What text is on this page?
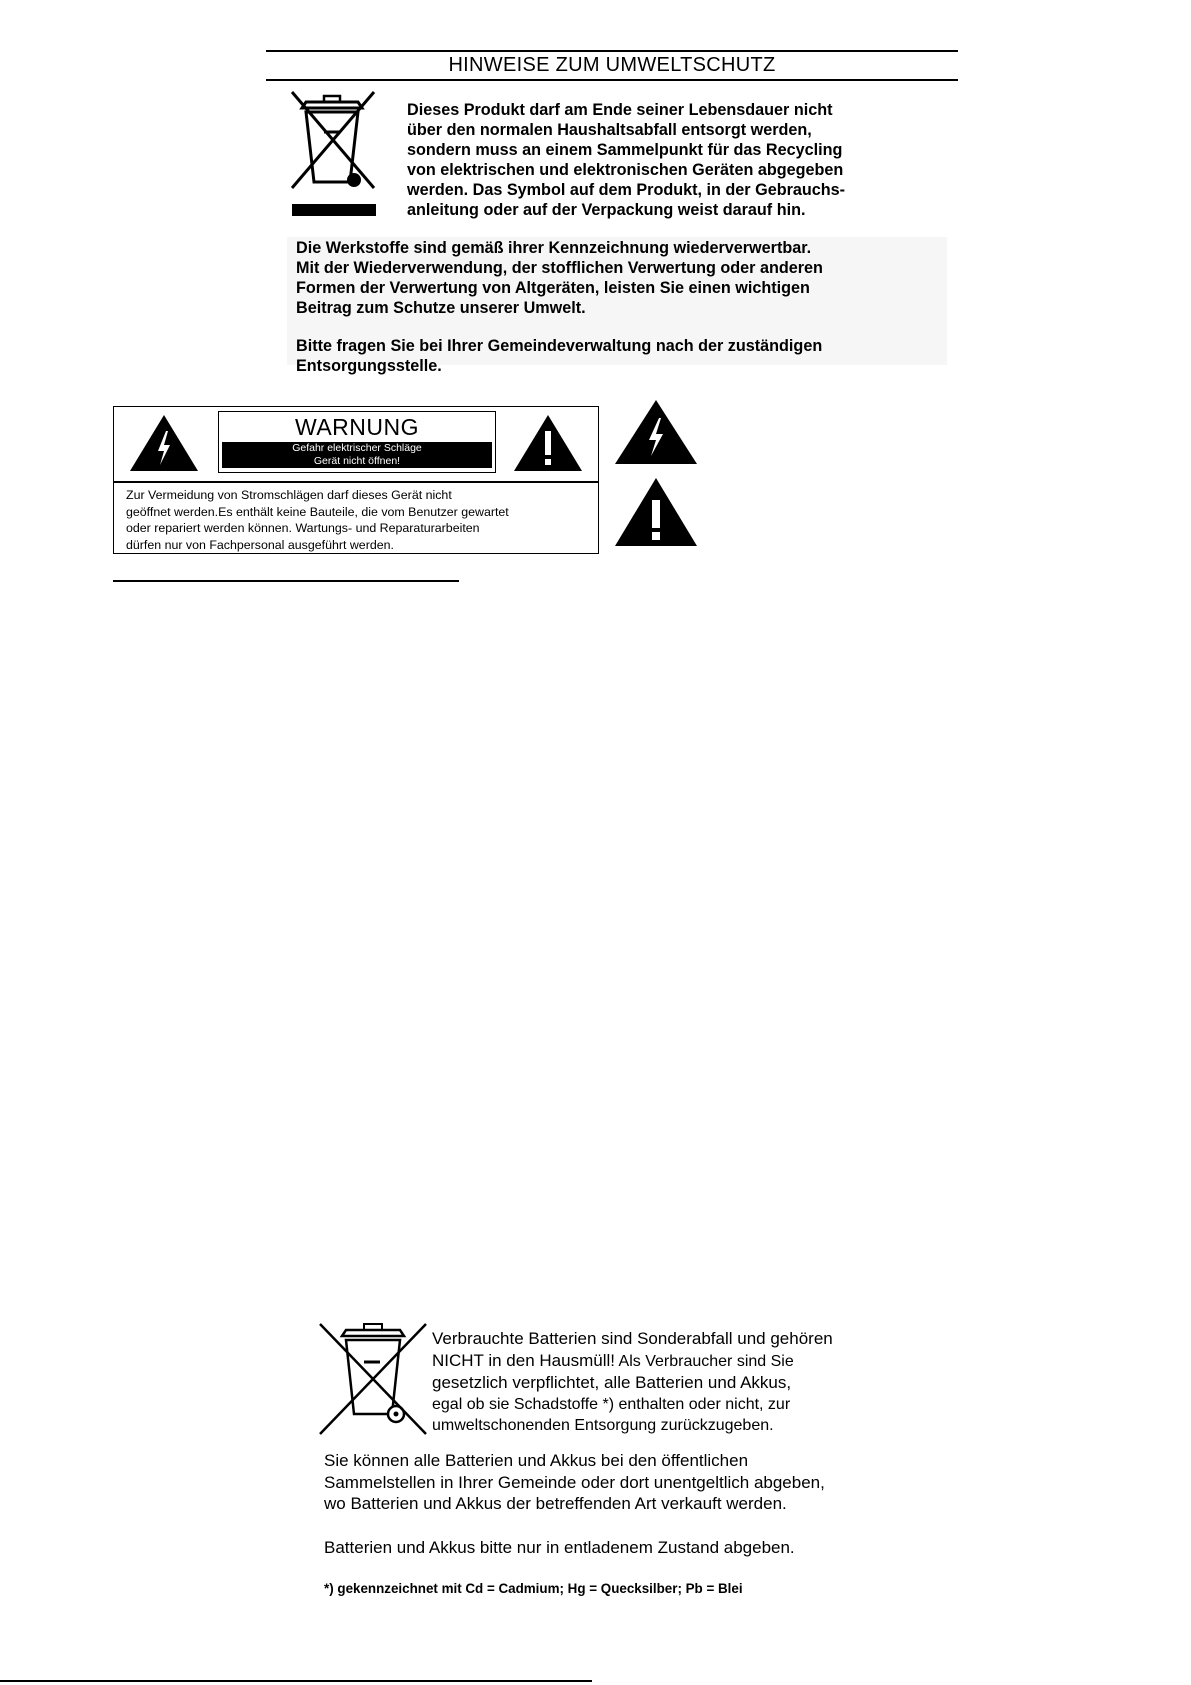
HINWEISE ZUM UMWELTSCHUTZ
Dieses Produkt darf am Ende seiner Lebensdauer nicht
über den normalen Haushaltsabfall entsorgt werden,
sondern muss an einem Sammelpunkt für das Recycling
von elektrischen und elektronischen Geräten abgegeben
werden. Das Symbol auf dem Produkt, in der Gebrauchs-
anleitung oder auf der Verpackung weist darauf hin.
Die Werkstoffe sind gemäß ihrer Kennzeichnung wiederverwertbar.
Mit der Wiederverwendung, der stofflichen Verwertung oder anderen
Formen der Verwertung von Altgeräten, leisten Sie einen wichtigen
Beitrag zum Schutze unserer Umwelt.
Bitte fragen Sie bei Ihrer Gemeindeverwaltung nach der zuständigen
Entsorgungsstelle.
WARNUNG
Gefahr elektrischer Schläge
Gerät nicht öffnen!
Zur Vermeidung von Stromschlägen darf dieses Gerät nicht
geöffnet werden.Es enthält keine Bauteile, die vom Benutzer gewartet
oder repariert werden können. Wartungs- und Reparaturarbeiten
dürfen nur von Fachpersonal ausgeführt werden.
Verbrauchte Batterien sind Sonderabfall und gehören
NICHT in den Hausmüll! Als Verbraucher sind Sie
gesetzlich verpflichtet, alle Batterien und Akkus,
egal ob sie Schadstoffe *) enthalten oder nicht, zur
umweltschonenden Entsorgung zurückzugeben.
Sie können alle Batterien und Akkus bei den öffentlichen
Sammelstellen in Ihrer Gemeinde oder dort unentgeltlich abgeben,
wo Batterien und Akkus der betreffenden Art verkauft werden.
Batterien und Akkus bitte nur in entladenem Zustand abgeben.
*) gekennzeichnet mit Cd = Cadmium; Hg = Quecksilber; Pb = Blei
